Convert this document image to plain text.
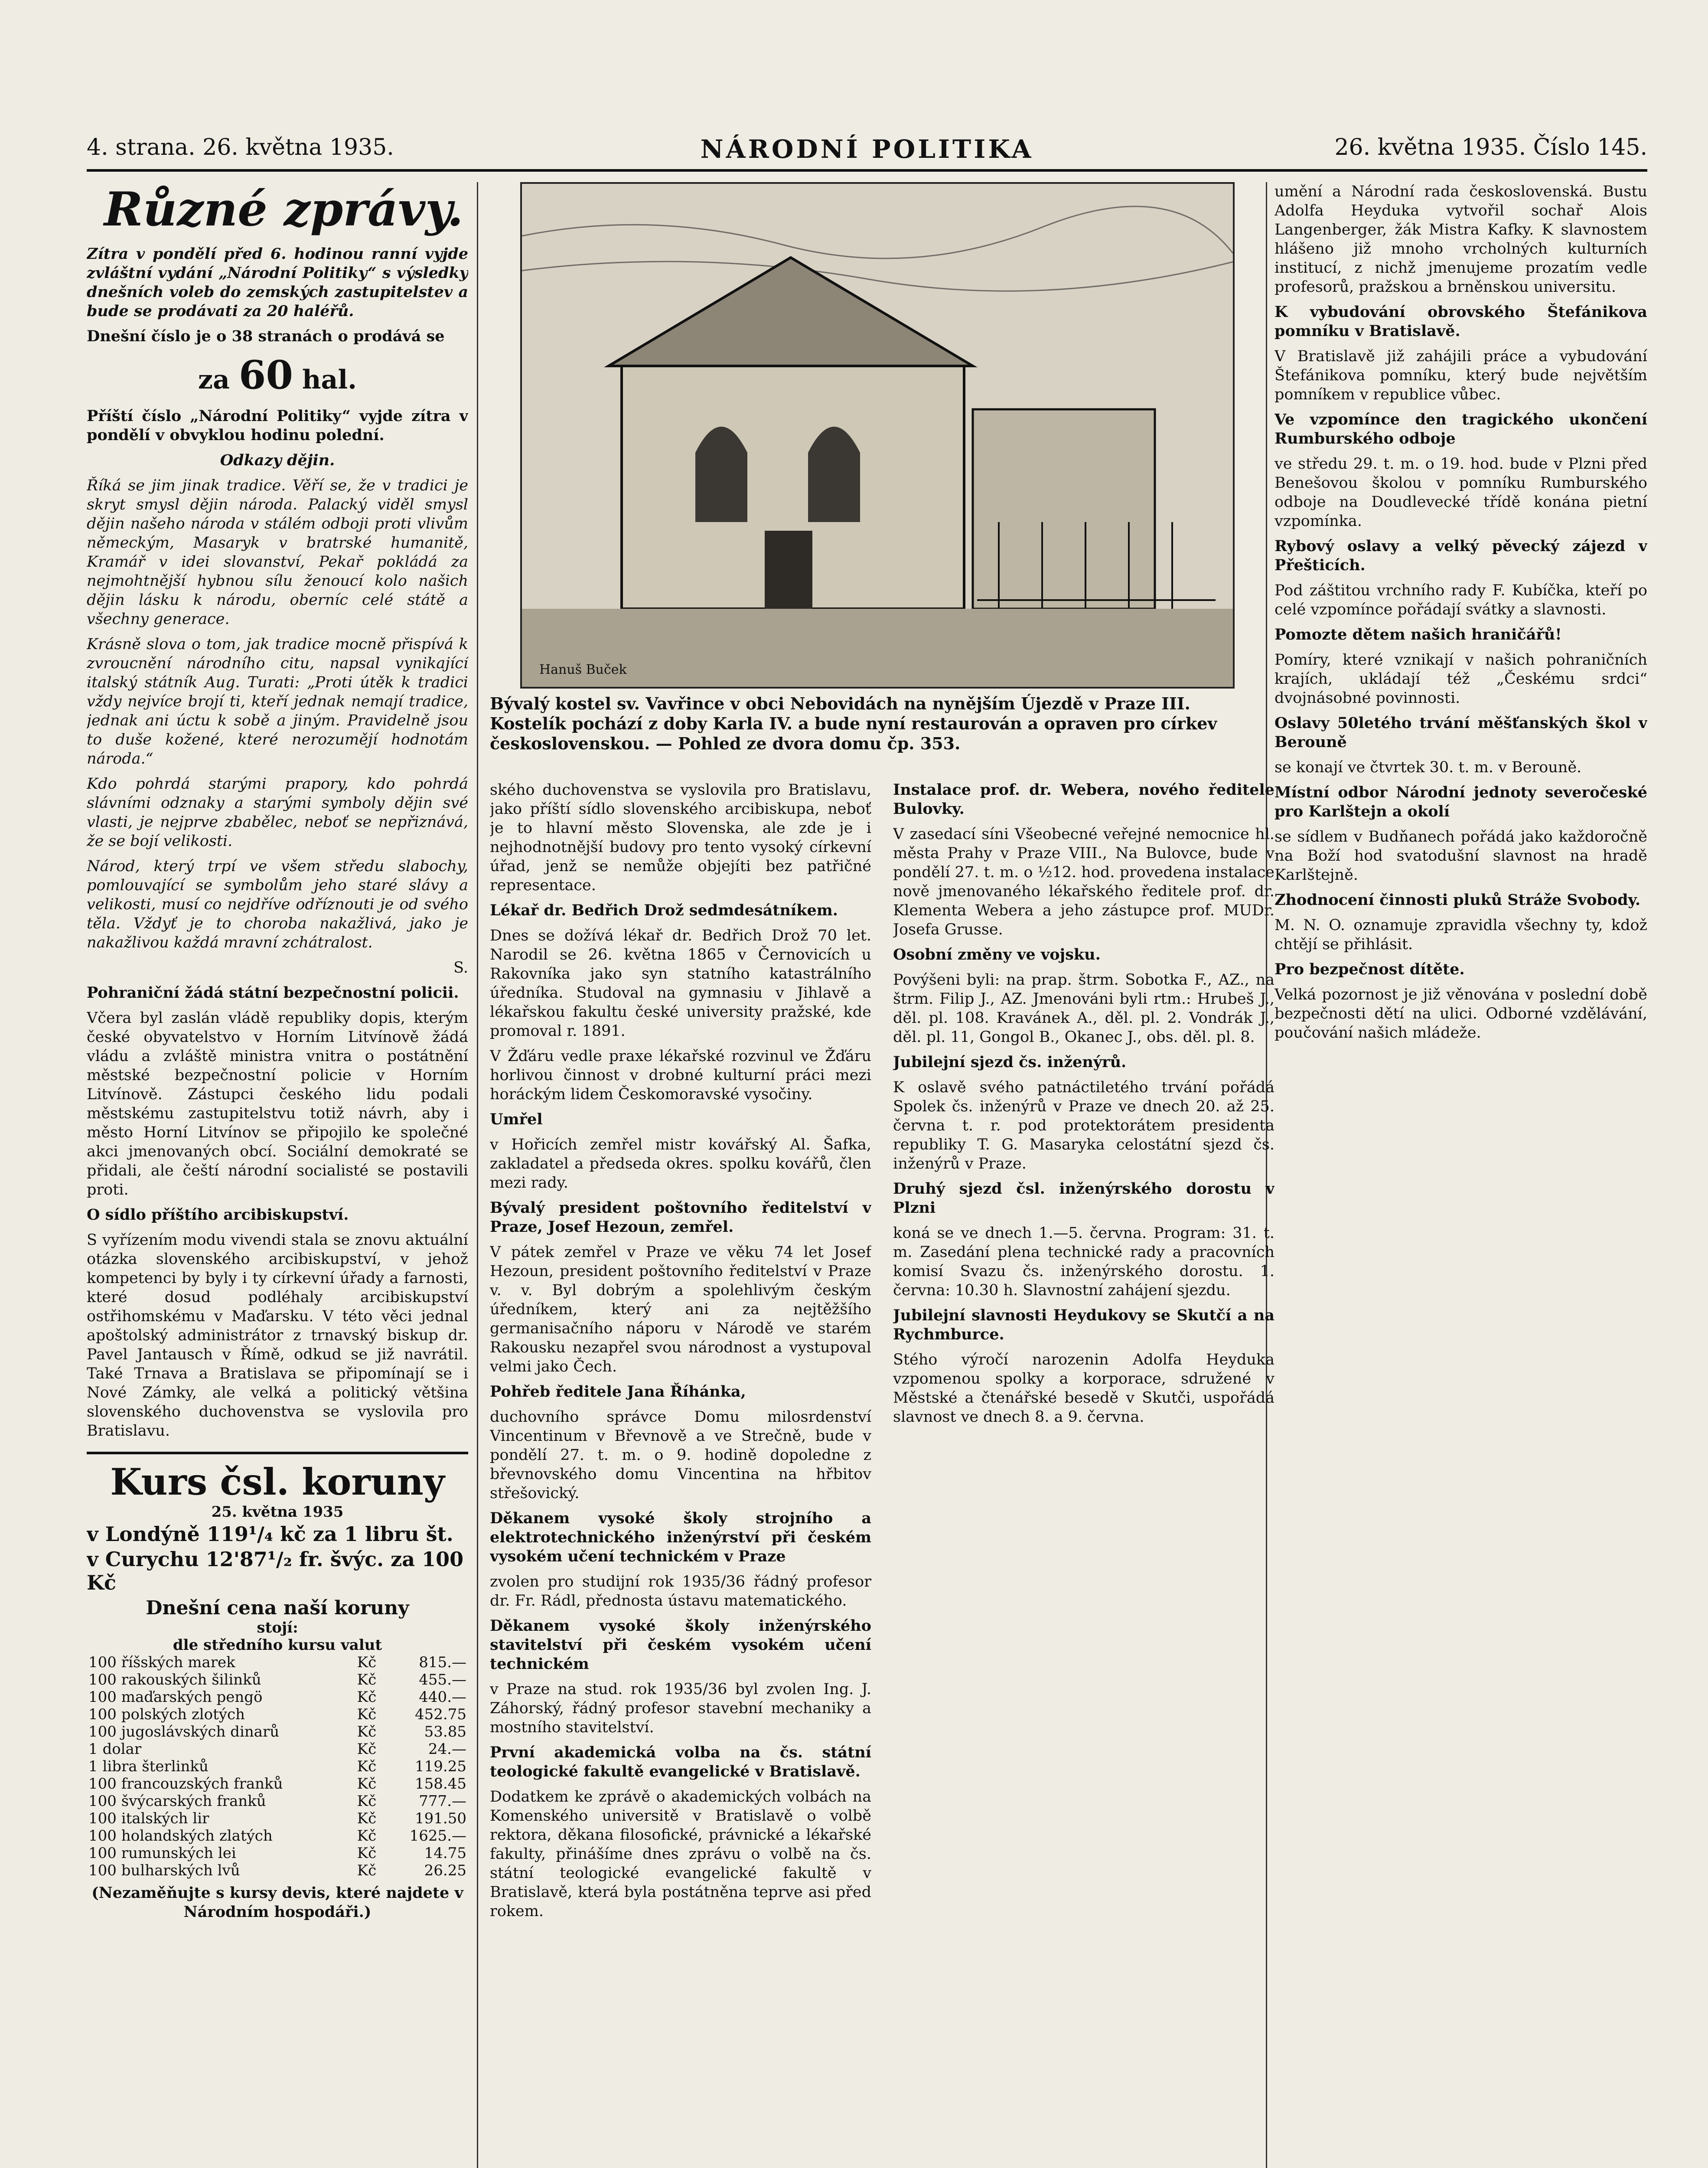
4. strana. 26. května 1935.	NÁRODNÍ POLITIKA	26. května 1935. Číslo 145.
Různé zprávy.

Zítra v pondělí před 6. hodinou ranní vyjde zvláštní vydání „Národní Politiky“ s výsledky dnešních voleb do zemských zastupitelstev a bude se prodávati za 20 haléřů.

Dnešní číslo je o 38 stranách o prodává se

za 60 hal.

Příští číslo „Národní Politiky“ vyjde zítra v pondělí v obvyklou hodinu polední.

Odkazy dějin.

Říká se jim jinak tradice. Věří se, že v tradici je skryt smysl dějin národa. Palacký viděl smysl dějin našeho národa v stálém odboji proti vlivům německým, Masaryk v bratrské humanitě, Kramář v idei slovanství, Pekař pokládá za nejmohtnější hybnou sílu ženoucí kolo našich dějin lásku k národu, oberníc celé státě a všechny generace.

Krásně slova o tom, jak tradice mocně přispívá k zvroucnění národního citu, napsal vynikající italský státník Aug. Turati: „Proti útěk k tradici vždy nejvíce brojí ti, kteří jednak nemají tradice, jednak ani úctu k sobě a jiným. Pravidelně jsou to duše kožené, které nerozumějí hodnotám národa.“

Kdo pohrdá starými prapory, kdo pohrdá slávními odznaky a starými symboly dějin své vlasti, je nejprve zbabělec, neboť se nepřiznává, že se bojí velikosti.

Národ, který trpí ve všem středu slabochy, pomlouvající se symbolům jeho staré slávy a velikosti, musí co nejdříve odříznouti je od svého těla. Vždyť je to choroba nakažlivá, jako je nakažlivou každá mravní zchátralost.

S.

Pohraniční žádá státní bezpečnostní policii.

Včera byl zaslán vládě republiky dopis, kterým české obyvatelstvo v Horním Litvínově žádá vládu a zvláště ministra vnitra o postátnění městské bezpečnostní policie v Horním Litvínově. Zástupci českého lidu podali městskému zastupitelstvu totiž návrh, aby i město Horní Litvínov se připojilo ke společné akci jmenovaných obcí. Sociální demokraté se přidali, ale čeští národní socialisté se postavili proti.

O sídlo příštího arcibiskupství.

S vyřízením modu vivendi stala se znovu aktuální otázka slovenského arcibiskupství, v jehož kompetenci by byly i ty církevní úřady a farnosti, které dosud podléhaly arcibiskupství ostřihomskému v Maďarsku. V této věci jednal apoštolský administrátor z trnavský biskup dr. Pavel Jantausch v Římě, odkud se již navrátil. Také Trnava a Bratislava se připomínají se i Nové Zámky, ale velká a politický většina slovenského duchovenstva se vyslovila pro Bratislavu.

Kurs čsl. koruny
25. května 1935
v Londýně 119¹/₄ kč za 1 libru št.
v Curychu 12'87¹/₂ fr. švýc. za 100 Kč
Dnešní cena naší koruny
stojí:
dle středního kursu valut
100 říšských marek	Kč	815.—
100 rakouských šilinků	Kč	455.—
100 maďarských pengö	Kč	440.—
100 polských zlotých	Kč	452.75
100 jugoslávských dinarů	Kč	53.85
1 dolar	Kč	24.—
1 libra šterlinků	Kč	119.25
100 francouzských franků	Kč	158.45
100 švýcarských franků	Kč	777.—
100 italských lir	Kč	191.50
100 holandských zlatých	Kč	1625.—
100 rumunských lei	Kč	14.75
100 bulharských lvů	Kč	26.25

(Nezaměňujte s kursy devis, které najdete v Národním hospodáři.)

Hanuš Buček
Bývalý kostel sv. Vavřince v obci Nebovidách na nynějším Újezdě v Praze III. Kostelík pochází z doby Karla IV. a bude nyní restaurován a opraven pro církev československou. — Pohled ze dvora domu čp. 353.

ského duchovenstva se vyslovila pro Bratislavu, jako příští sídlo slovenského arcibiskupa, neboť je to hlavní město Slovenska, ale zde je i nejhodnotnější budovy pro tento vysoký církevní úřad, jenž se nemůže objejíti bez patřičné representace.

Lékař dr. Bedřich Drož sedmdesátníkem.

Dnes se dožívá lékař dr. Bedřich Drož 70 let. Narodil se 26. května 1865 v Černovicích u Rakovníka jako syn statního katastrálního úředníka. Studoval na gymnasiu v Jihlavě a lékařskou fakultu české university pražské, kde promoval r. 1891.

V Žďáru vedle praxe lékařské rozvinul ve Žďáru horlivou činnost v drobné kulturní práci mezi horáckým lidem Českomoravské vysočiny.

Umřel

v Hořicích zemřel mistr kovářský Al. Šafka, zakladatel a předseda okres. spolku kovářů, člen mezi rady.

Bývalý president poštovního ředitelství v Praze, Josef Hezoun, zemřel.

V pátek zemřel v Praze ve věku 74 let Josef Hezoun, president poštovního ředitelství v Praze v. v. Byl dobrým a spolehlivým českým úředníkem, který ani za nejtěžšího germanisačního náporu v Národě ve starém Rakousku nezapřel svou národnost a vystupoval velmi jako Čech.

Pohřeb ředitele Jana Říhánka,

duchovního správce Domu milosrdenství Vincentinum v Břevnově a ve Strečně, bude v pondělí 27. t. m. o 9. hodině dopoledne z břevnovského domu Vincentina na hřbitov střešovický.

Děkanem vysoké školy strojního a elektrotechnického inženýrství při českém vysokém učení technickém v Praze

zvolen pro studijní rok 1935/36 řádný profesor dr. Fr. Rádl, přednosta ústavu matematického.

Děkanem vysoké školy inženýrského stavitelství při českém vysokém učení technickém

v Praze na stud. rok 1935/36 byl zvolen Ing. J. Záhorský, řádný profesor stavební mechaniky a mostního stavitelství.

První akademická volba na čs. státní teologické fakultě evangelické v Bratislavě.

Dodatkem ke zprávě o akademických volbách na Komenského universitě v Bratislavě o volbě rektora, děkana filosofické, právnické a lékařské fakulty, přinášíme dnes zprávu o volbě na čs. státní teologické evangelické fakultě v Bratislavě, která byla postátněna teprve asi před rokem.

Instalace prof. dr. Webera, nového ředitele Bulovky.

V zasedací síni Všeobecné veřejné nemocnice hl. města Prahy v Praze VIII., Na Bulovce, bude v pondělí 27. t. m. o ½12. hod. provedena instalace nově jmenovaného lékařského ředitele prof. dr. Klementa Webera a jeho zástupce prof. MUDr. Josefa Grusse.

Osobní změny ve vojsku.

Povýšeni byli: na prap. štrm. Sobotka F., AZ., na štrm. Filip J., AZ. Jmenováni byli rtm.: Hrubeš J., děl. pl. 108. Kravánek A., děl. pl. 2. Vondrák J., děl. pl. 11, Gongol B., Okanec J., obs. děl. pl. 8.

Jubilejní sjezd čs. inženýrů.

K oslavě svého patnáctiletého trvání pořádá Spolek čs. inženýrů v Praze ve dnech 20. až 25. června t. r. pod protektorátem presidenta republiky T. G. Masaryka celostátní sjezd čs. inženýrů v Praze.

Druhý sjezd čsl. inženýrského dorostu v Plzni

koná se ve dnech 1.—5. června. Program: 31. t. m. Zasedání plena technické rady a pracovních komisí Svazu čs. inženýrského dorostu. 1. června: 10.30 h. Slavnostní zahájení sjezdu.

Jubilejní slavnosti Heydukovy se Skutčí a na Rychmburce.

Stého výročí narozenin Adolfa Heyduka vzpomenou spolky a korporace, sdružené v Městské a čtenářské besedě v Skutči, uspořádá slavnost ve dnech 8. a 9. června.

umění a Národní rada československá. Bustu Adolfa Heyduka vytvořil sochař Alois Langenberger, žák Mistra Kafky. K slavnostem hlášeno již mnoho vrcholných kulturních institucí, z nichž jmenujeme prozatím vedle profesorů, pražskou a brněnskou universitu.

K vybudování obrovského Štefánikova pomníku v Bratislavě.

V Bratislavě již zahájili práce a vybudování Štefánikova pomníku, který bude největším pomníkem v republice vůbec.

Ve vzpomínce den tragického ukončení Rumburského odboje

ve středu 29. t. m. o 19. hod. bude v Plzni před Benešovou školou v pomníku Rumburského odboje na Doudlevecké třídě konána pietní vzpomínka.

Rybový oslavy a velký pěvecký zájezd v Přešticích.

Pod záštitou vrchního rady F. Kubíčka, kteří po celé vzpomínce pořádají svátky a slavnosti.

Pomozte dětem našich hraničářů!

Pomíry, které vznikají v našich pohraničních krajích, ukládají též „Českému srdci“ dvojnásobné povinnosti.

Oslavy 50letého trvání měšťanských škol v Berouně

se konají ve čtvrtek 30. t. m. v Berouně.

Místní odbor Národní jednoty severočeské pro Karlštejn a okolí

se sídlem v Budňanech pořádá jako každoročně na Boží hod svatodušní slavnost na hradě Karlštejně.

Zhodnocení činnosti pluků Stráže Svobody.

M. N. O. oznamuje zpravidla všechny ty, kdož chtějí se přihlásit.

Pro bezpečnost dítěte.

Velká pozornost je již věnována v poslední době bezpečnosti dětí na ulici. Odborné vzdělávání, poučování našich mládeže.
